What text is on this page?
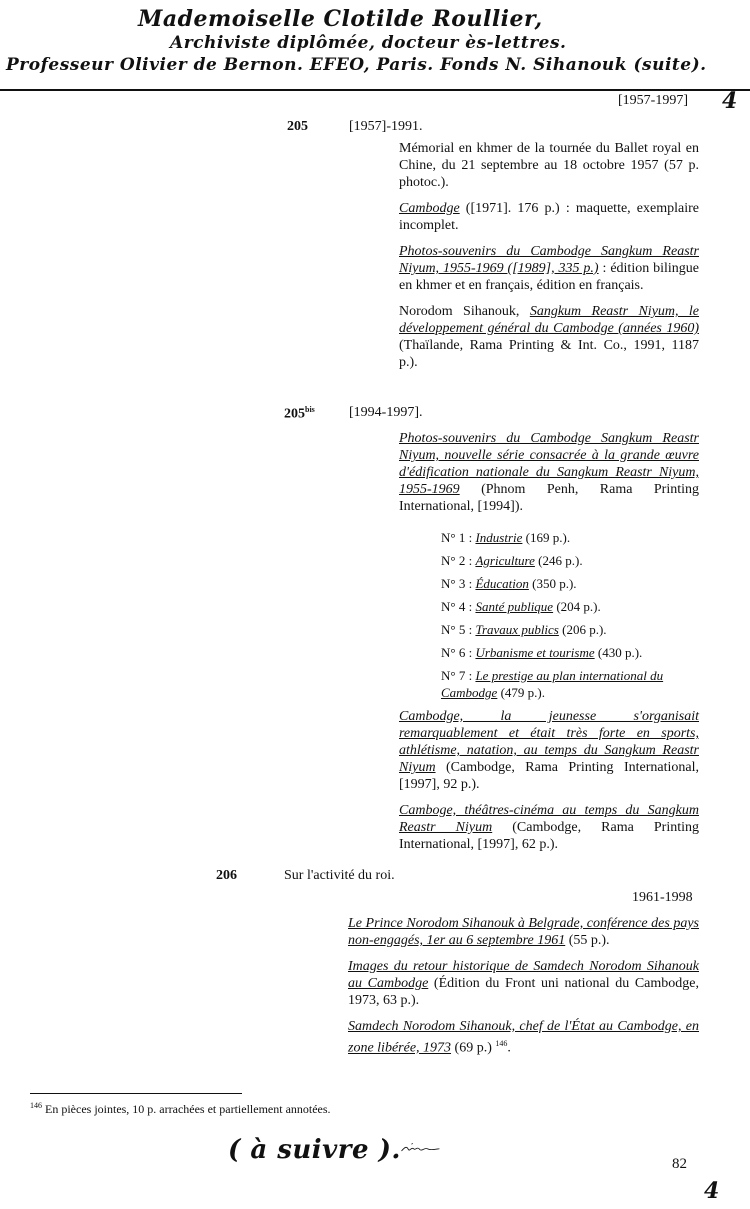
Mademoiselle Clotilde Roullier,
Archiviste diplômée, docteur ès-lettres.
Professeur Olivier de Bernon. EFEO, Paris. Fonds N. Sihanouk (suite).
[1957-1997] 4
205	[1957]-1991.

Mémorial en khmer de la tournée du Ballet royal en Chine, du 21 septembre au 18 octobre 1957 (57 p. photoc.).

Cambodge ([1971]. 176 p.) : maquette, exemplaire incomplet.

Photos-souvenirs du Cambodge Sangkum Reastr Niyum, 1955-1969 ([1989], 335 p.) : édition bilingue en khmer et en français, édition en français.

Norodom Sihanouk, Sangkum Reastr Niyum, le développement général du Cambodge (années 1960) (Thaïlande, Rama Printing & Int. Co., 1991, 1187 p.).

$205^{bis}$ [1994-1997].

Photos-souvenirs du Cambodge Sangkum Reastr Niyum, nouvelle série consacrée à la grande œuvre d'édification nationale du Sangkum Reastr Niyum, 1955-1969 (Phnom Penh, Rama Printing International, [1994]).

N° 1 : Industrie (169 p.).
N° 2 : Agriculture (246 p.).
N° 3 : Éducation (350 p.).
N° 4 : Santé publique (204 p.).
N° 5 : Travaux publics (206 p.).
N° 6 : Urbanisme et tourisme (430 p.).
N° 7 : Le prestige au plan international du Cambodge (479 p.).

Cambodge, la jeunesse s'organisait remarquablement et était très forte en sports, athlétisme, natation, au temps du Sangkum Reastr Niyum (Cambodge, Rama Printing International, [1997], 92 p.).

Camboge, théâtres-cinéma au temps du Sangkum Reastr Niyum (Cambodge, Rama Printing International, [1997], 62 p.).

206	Sur l'activité du roi.
1961-1998

Le Prince Norodom Sihanouk à Belgrade, conférence des pays non-engagés, 1er au 6 septembre 1961 (55 p.).

Images du retour historique de Samdech Norodom Sihanouk au Cambodge (Édition du Front uni national du Cambodge, 1973, 63 p.).

Samdech Norodom Sihanouk, chef de l'État au Cambodge, en zone libérée, 1973 (69 p.) $^{146}$.

$^{146}$ En pièces jointes, 10 p. arrachées et partiellement annotées.
( à suivre ).	82
4
